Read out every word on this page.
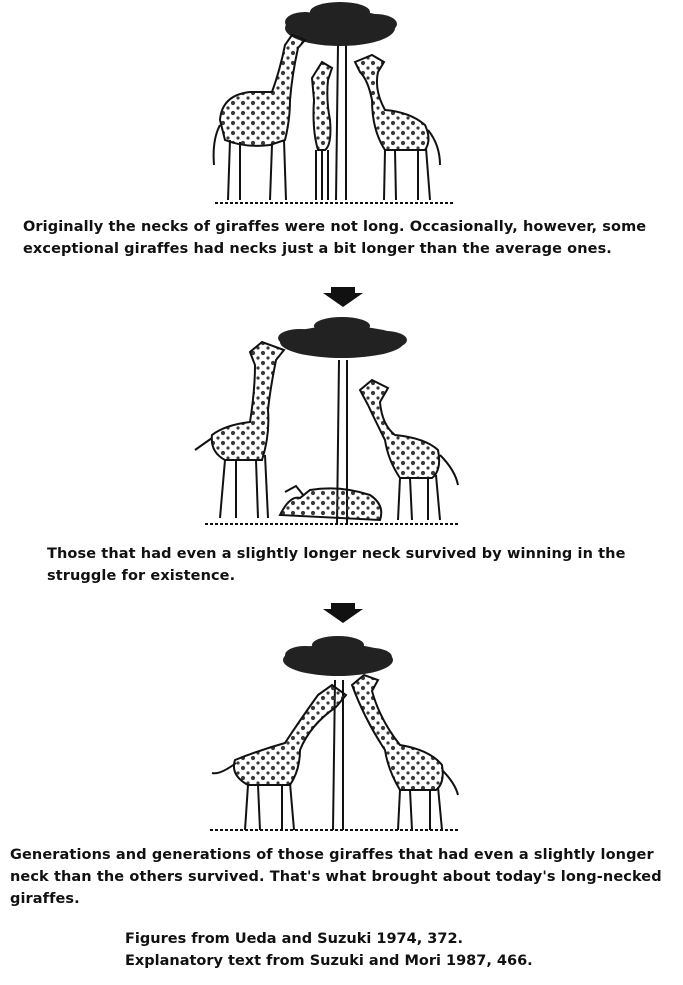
Originally the necks of giraffes were not long. Occasionally, however, some exceptional giraffes had necks just a bit longer than the average ones.
Those that had even a slightly longer neck survived by winning in the struggle for existence.
Generations and generations of those giraffes that had even a slightly longer neck than the others survived. That's what brought about today's long-necked giraffes.
Figures from Ueda and Suzuki 1974, 372.
Explanatory text from Suzuki and Mori 1987, 466.
